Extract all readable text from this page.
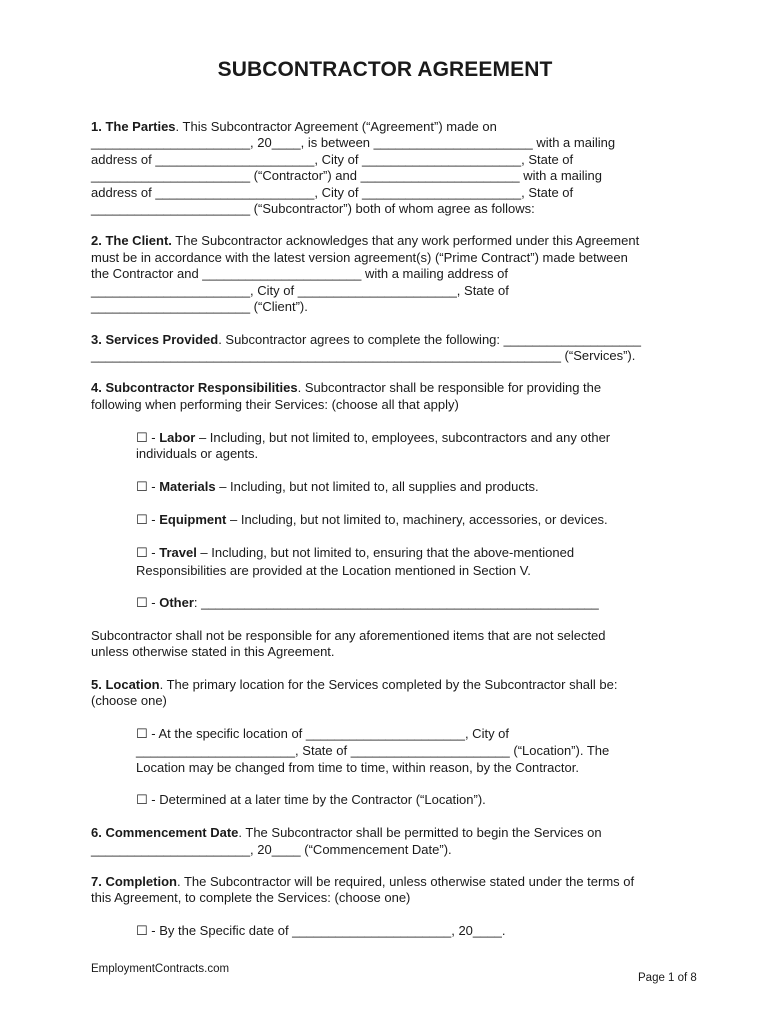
SUBCONTRACTOR AGREEMENT
1. The Parties. This Subcontractor Agreement (“Agreement”) made on
______________________, 20____, is between ______________________ with a mailing
address of ______________________, City of ______________________, State of
______________________ (“Contractor”) and ______________________ with a mailing
address of ______________________, City of ______________________, State of
______________________ (“Subcontractor”) both of whom agree as follows:
2. The Client. The Subcontractor acknowledges that any work performed under this Agreement
must be in accordance with the latest version agreement(s) (“Prime Contract”) made between
the Contractor and ______________________ with a mailing address of
______________________, City of ______________________, State of
______________________ (“Client”).
3. Services Provided. Subcontractor agrees to complete the following: ___________________
_________________________________________________________________ (“Services”).
4. Subcontractor Responsibilities. Subcontractor shall be responsible for providing the
following when performing their Services: (choose all that apply)
☐ - Labor – Including, but not limited to, employees, subcontractors and any other
individuals or agents.
☐ - Materials – Including, but not limited to, all supplies and products.
☐ - Equipment – Including, but not limited to, machinery, accessories, or devices.
☐ - Travel – Including, but not limited to, ensuring that the above-mentioned
Responsibilities are provided at the Location mentioned in Section V.
☐ - Other: _______________________________________________________
Subcontractor shall not be responsible for any aforementioned items that are not selected
unless otherwise stated in this Agreement.
5. Location. The primary location for the Services completed by the Subcontractor shall be:
(choose one)
☐ - At the specific location of ______________________, City of
______________________, State of ______________________ (“Location”). The
Location may be changed from time to time, within reason, by the Contractor.
☐ - Determined at a later time by the Contractor (“Location”).
6. Commencement Date. The Subcontractor shall be permitted to begin the Services on
______________________, 20____ (“Commencement Date”).
7. Completion. The Subcontractor will be required, unless otherwise stated under the terms of
this Agreement, to complete the Services: (choose one)
☐ - By the Specific date of ______________________, 20____.
EmploymentContracts.com
Page 1 of 8
